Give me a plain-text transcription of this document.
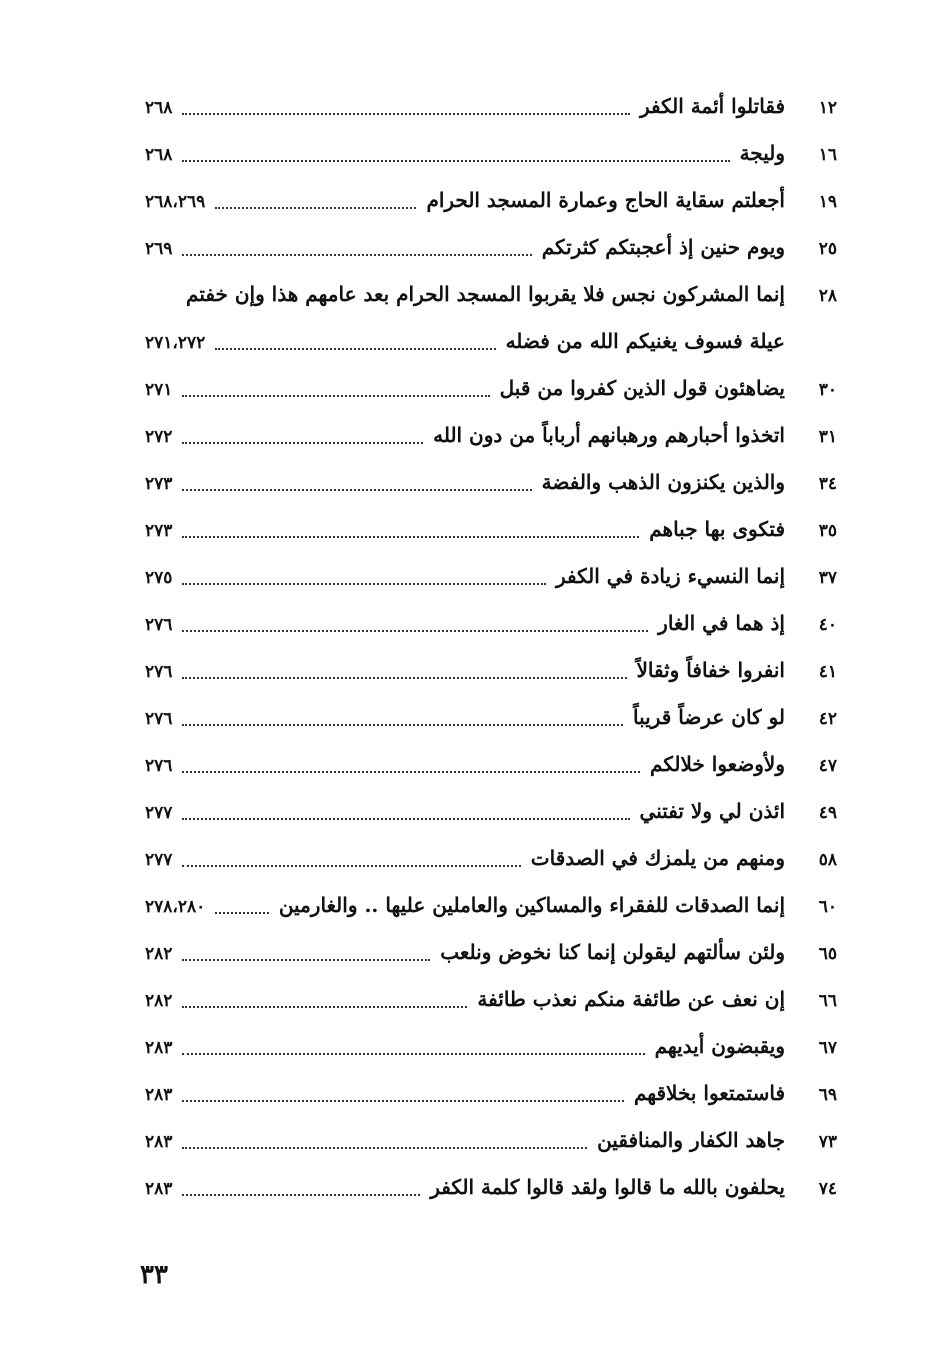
١٢
فقاتلوا أئمة الكفر
٢٦٨
١٦
وليجة
٢٦٨
١٩
أجعلتم سقاية الحاج وعمارة المسجد الحرام
٢٦٨،٢٦٩
٢٥
ويوم حنين إذ أعجبتكم كثرتكم
٢٦٩
٢٨
إنما المشركون نجس فلا يقربوا المسجد الحرام بعد عامهم هذا وإن خفتم
عيلة فسوف يغنيكم الله من فضله
٢٧١،٢٧٢
٣٠
يضاهئون قول الذين كفروا من قبل
٢٧١
٣١
اتخذوا أحبارهم ورهبانهم أرباباً من دون الله
٢٧٢
٣٤
والذين يكنزون الذهب والفضة
٢٧٣
٣٥
فتكوى بها جباهم
٢٧٣
٣٧
إنما النسيء زيادة في الكفر
٢٧٥
٤٠
إذ هما في الغار
٢٧٦
٤١
انفروا خفافاً وثقالاً
٢٧٦
٤٢
لو كان عرضاً قريباً
٢٧٦
٤٧
ولأوضعوا خلالكم
٢٧٦
٤٩
ائذن لي ولا تفتني
٢٧٧
٥٨
ومنهم من يلمزك في الصدقات
٢٧٧
٦٠
إنما الصدقات للفقراء والمساكين والعاملين عليها .. والغارمين
٢٧٨،٢٨٠
٦٥
ولئن سألتهم ليقولن إنما كنا نخوض ونلعب
٢٨٢
٦٦
إن نعف عن طائفة منكم نعذب طائفة
٢٨٢
٦٧
ويقبضون أيديهم
٢٨٣
٦٩
فاستمتعوا بخلاقهم
٢٨٣
٧٣
جاهد الكفار والمنافقين
٢٨٣
٧٤
يحلفون بالله ما قالوا ولقد قالوا كلمة الكفر
٢٨٣
٣٣
